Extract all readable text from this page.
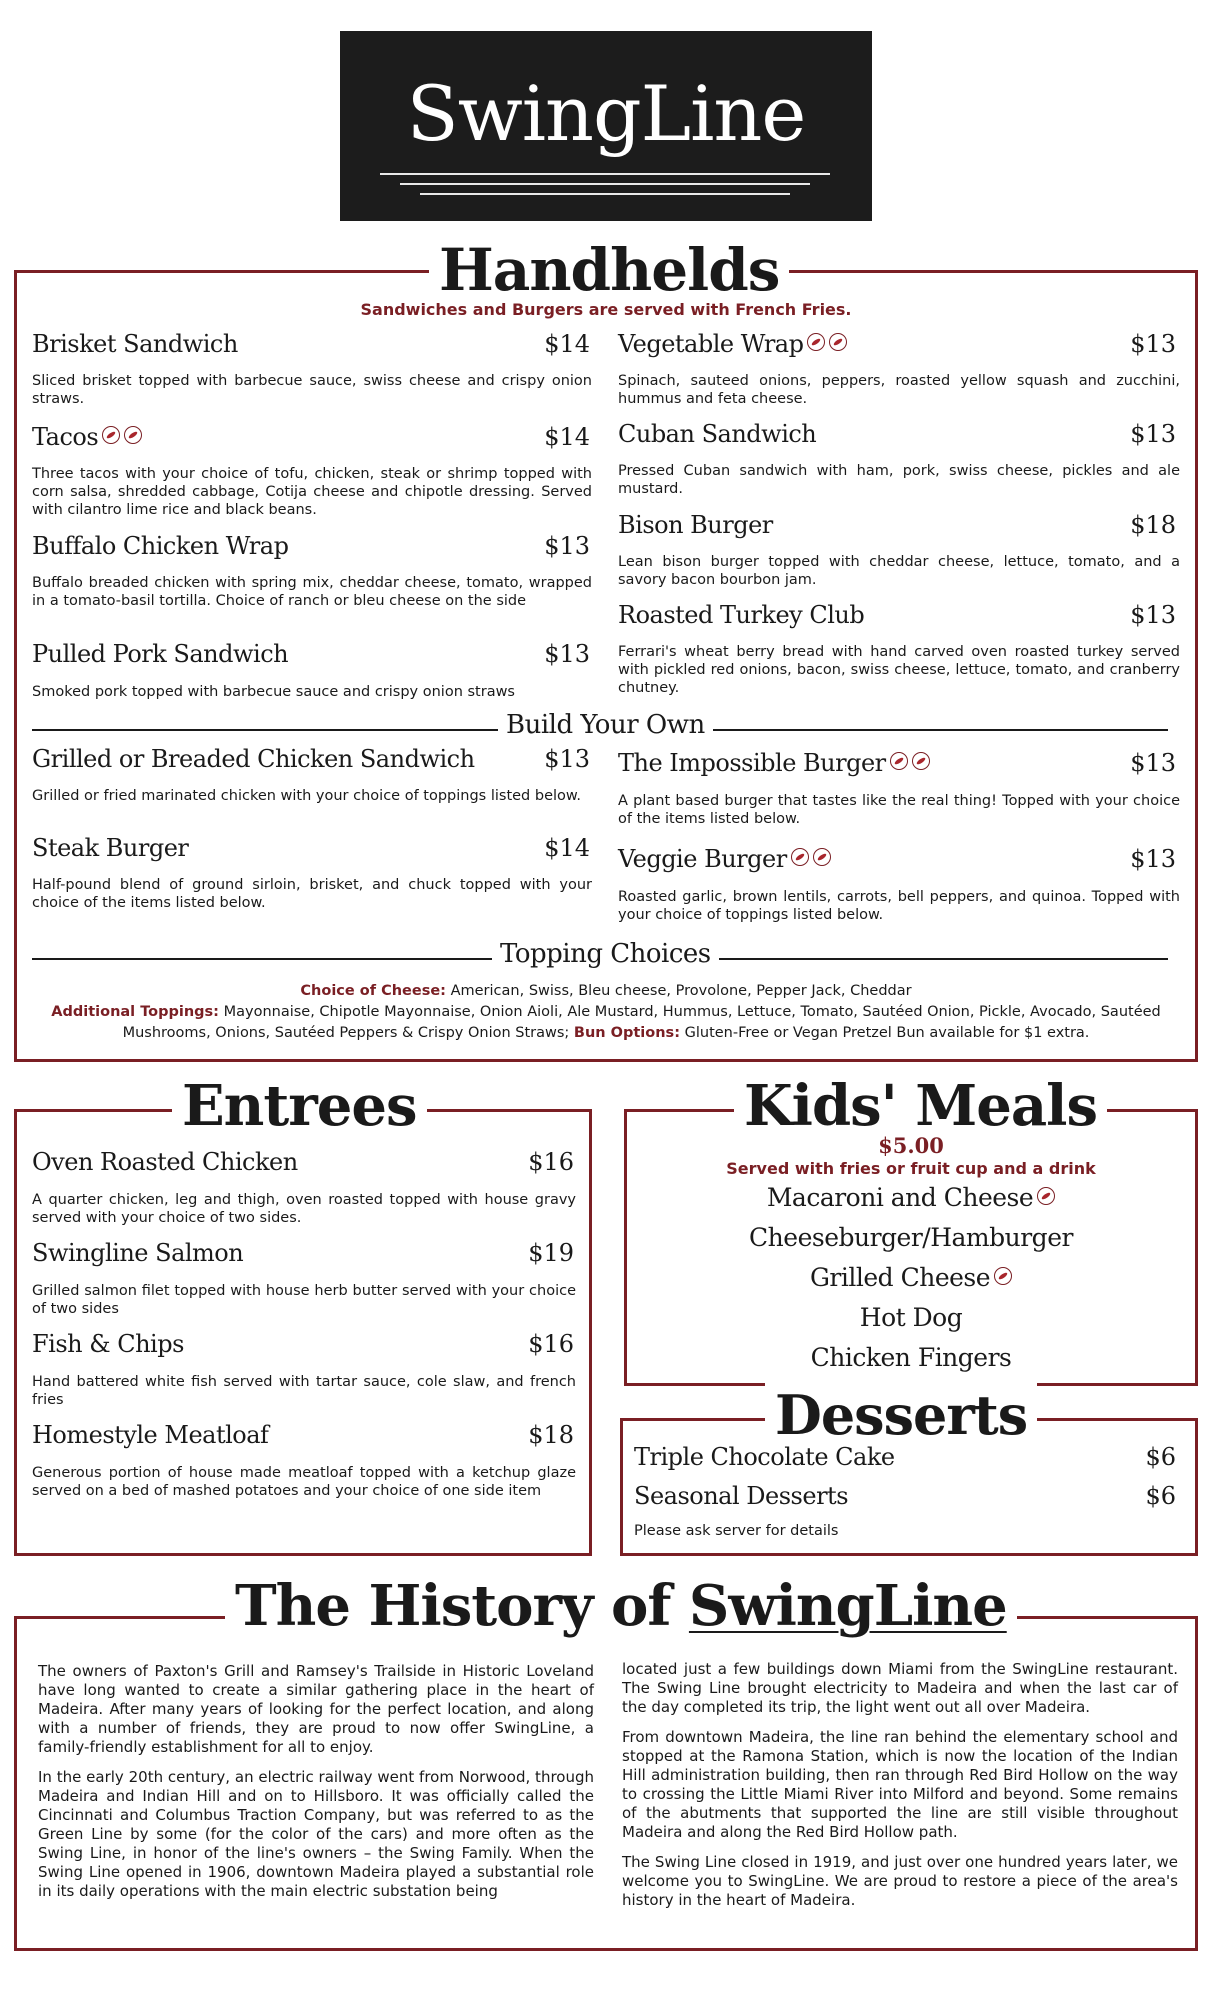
SwingLine
Handhelds
Sandwiches and Burgers are served with French Fries.
Brisket Sandwich	$14
Sliced brisket topped with barbecue sauce, swiss cheese and crispy onion straws.
Tacos	$14
Three tacos with your choice of tofu, chicken, steak or shrimp topped with corn salsa, shredded cabbage, Cotija cheese and chipotle dressing. Served with cilantro lime rice and black beans.
Buffalo Chicken Wrap	$13
Buffalo breaded chicken with spring mix, cheddar cheese, tomato, wrapped in a tomato-basil tortilla. Choice of ranch or bleu cheese on the side
Pulled Pork Sandwich	$13
Smoked pork topped with barbecue sauce and crispy onion straws
Vegetable Wrap	$13
Spinach, sauteed onions, peppers, roasted yellow squash and zucchini, hummus and feta cheese.
Cuban Sandwich	$13
Pressed Cuban sandwich with ham, pork, swiss cheese, pickles and ale mustard.
Bison Burger	$18
Lean bison burger topped with cheddar cheese, lettuce, tomato, and a savory bacon bourbon jam.
Roasted Turkey Club	$13
Ferrari's wheat berry bread with hand carved oven roasted turkey served with pickled red onions, bacon, swiss cheese, lettuce, tomato, and cranberry chutney.
Build Your Own
Grilled or Breaded Chicken Sandwich	$13
Grilled or fried marinated chicken with your choice of toppings listed below.
Steak Burger	$14
Half-pound blend of ground sirloin, brisket, and chuck topped with your choice of the items listed below.
The Impossible Burger	$13
A plant based burger that tastes like the real thing! Topped with your choice of the items listed below.
Veggie Burger	$13
Roasted garlic, brown lentils, carrots, bell peppers, and quinoa. Topped with your choice of toppings listed below.
Topping Choices
Choice of Cheese: American, Swiss, Bleu cheese, Provolone, Pepper Jack, Cheddar
Additional Toppings: Mayonnaise, Chipotle Mayonnaise, Onion Aioli, Ale Mustard, Hummus, Lettuce, Tomato, Sautéed Onion, Pickle, Avocado, Sautéed
Mushrooms, Onions, Sautéed Peppers & Crispy Onion Straws; Bun Options: Gluten-Free or Vegan Pretzel Bun available for $1 extra.
Entrees
Oven Roasted Chicken	$16
A quarter chicken, leg and thigh, oven roasted topped with house gravy served with your choice of two sides.
Swingline Salmon	$19
Grilled salmon filet topped with house herb butter served with your choice of two sides
Fish & Chips	$16
Hand battered white fish served with tartar sauce, cole slaw, and french fries
Homestyle Meatloaf	$18
Generous portion of house made meatloaf topped with a ketchup glaze served on a bed of mashed potatoes and your choice of one side item
Kids' Meals
$5.00
Served with fries or fruit cup and a drink
Macaroni and Cheese
Cheeseburger/Hamburger
Grilled Cheese
Hot Dog
Chicken Fingers
Desserts
Triple Chocolate Cake	$6
Seasonal Desserts	$6
Please ask server for details
The History of SwingLine

The owners of Paxton's Grill and Ramsey's Trailside in Historic Loveland have long wanted to create a similar gathering place in the heart of Madeira. After many years of looking for the perfect location, and along with a number of friends, they are proud to now offer SwingLine, a family-friendly establishment for all to enjoy.

In the early 20th century, an electric railway went from Norwood, through Madeira and Indian Hill and on to Hillsboro. It was officially called the Cincinnati and Columbus Traction Company, but was referred to as the Green Line by some (for the color of the cars) and more often as the Swing Line, in honor of the line's owners – the Swing Family. When the Swing Line opened in 1906, downtown Madeira played a substantial role in its daily operations with the main electric substation being

located just a few buildings down Miami from the SwingLine restaurant. The Swing Line brought electricity to Madeira and when the last car of the day completed its trip, the light went out all over Madeira.

From downtown Madeira, the line ran behind the elementary school and stopped at the Ramona Station, which is now the location of the Indian Hill administration building, then ran through Red Bird Hollow on the way to crossing the Little Miami River into Milford and beyond. Some remains of the abutments that supported the line are still visible throughout Madeira and along the Red Bird Hollow path.

The Swing Line closed in 1919, and just over one hundred years later, we welcome you to SwingLine. We are proud to restore a piece of the area's history in the heart of Madeira.
